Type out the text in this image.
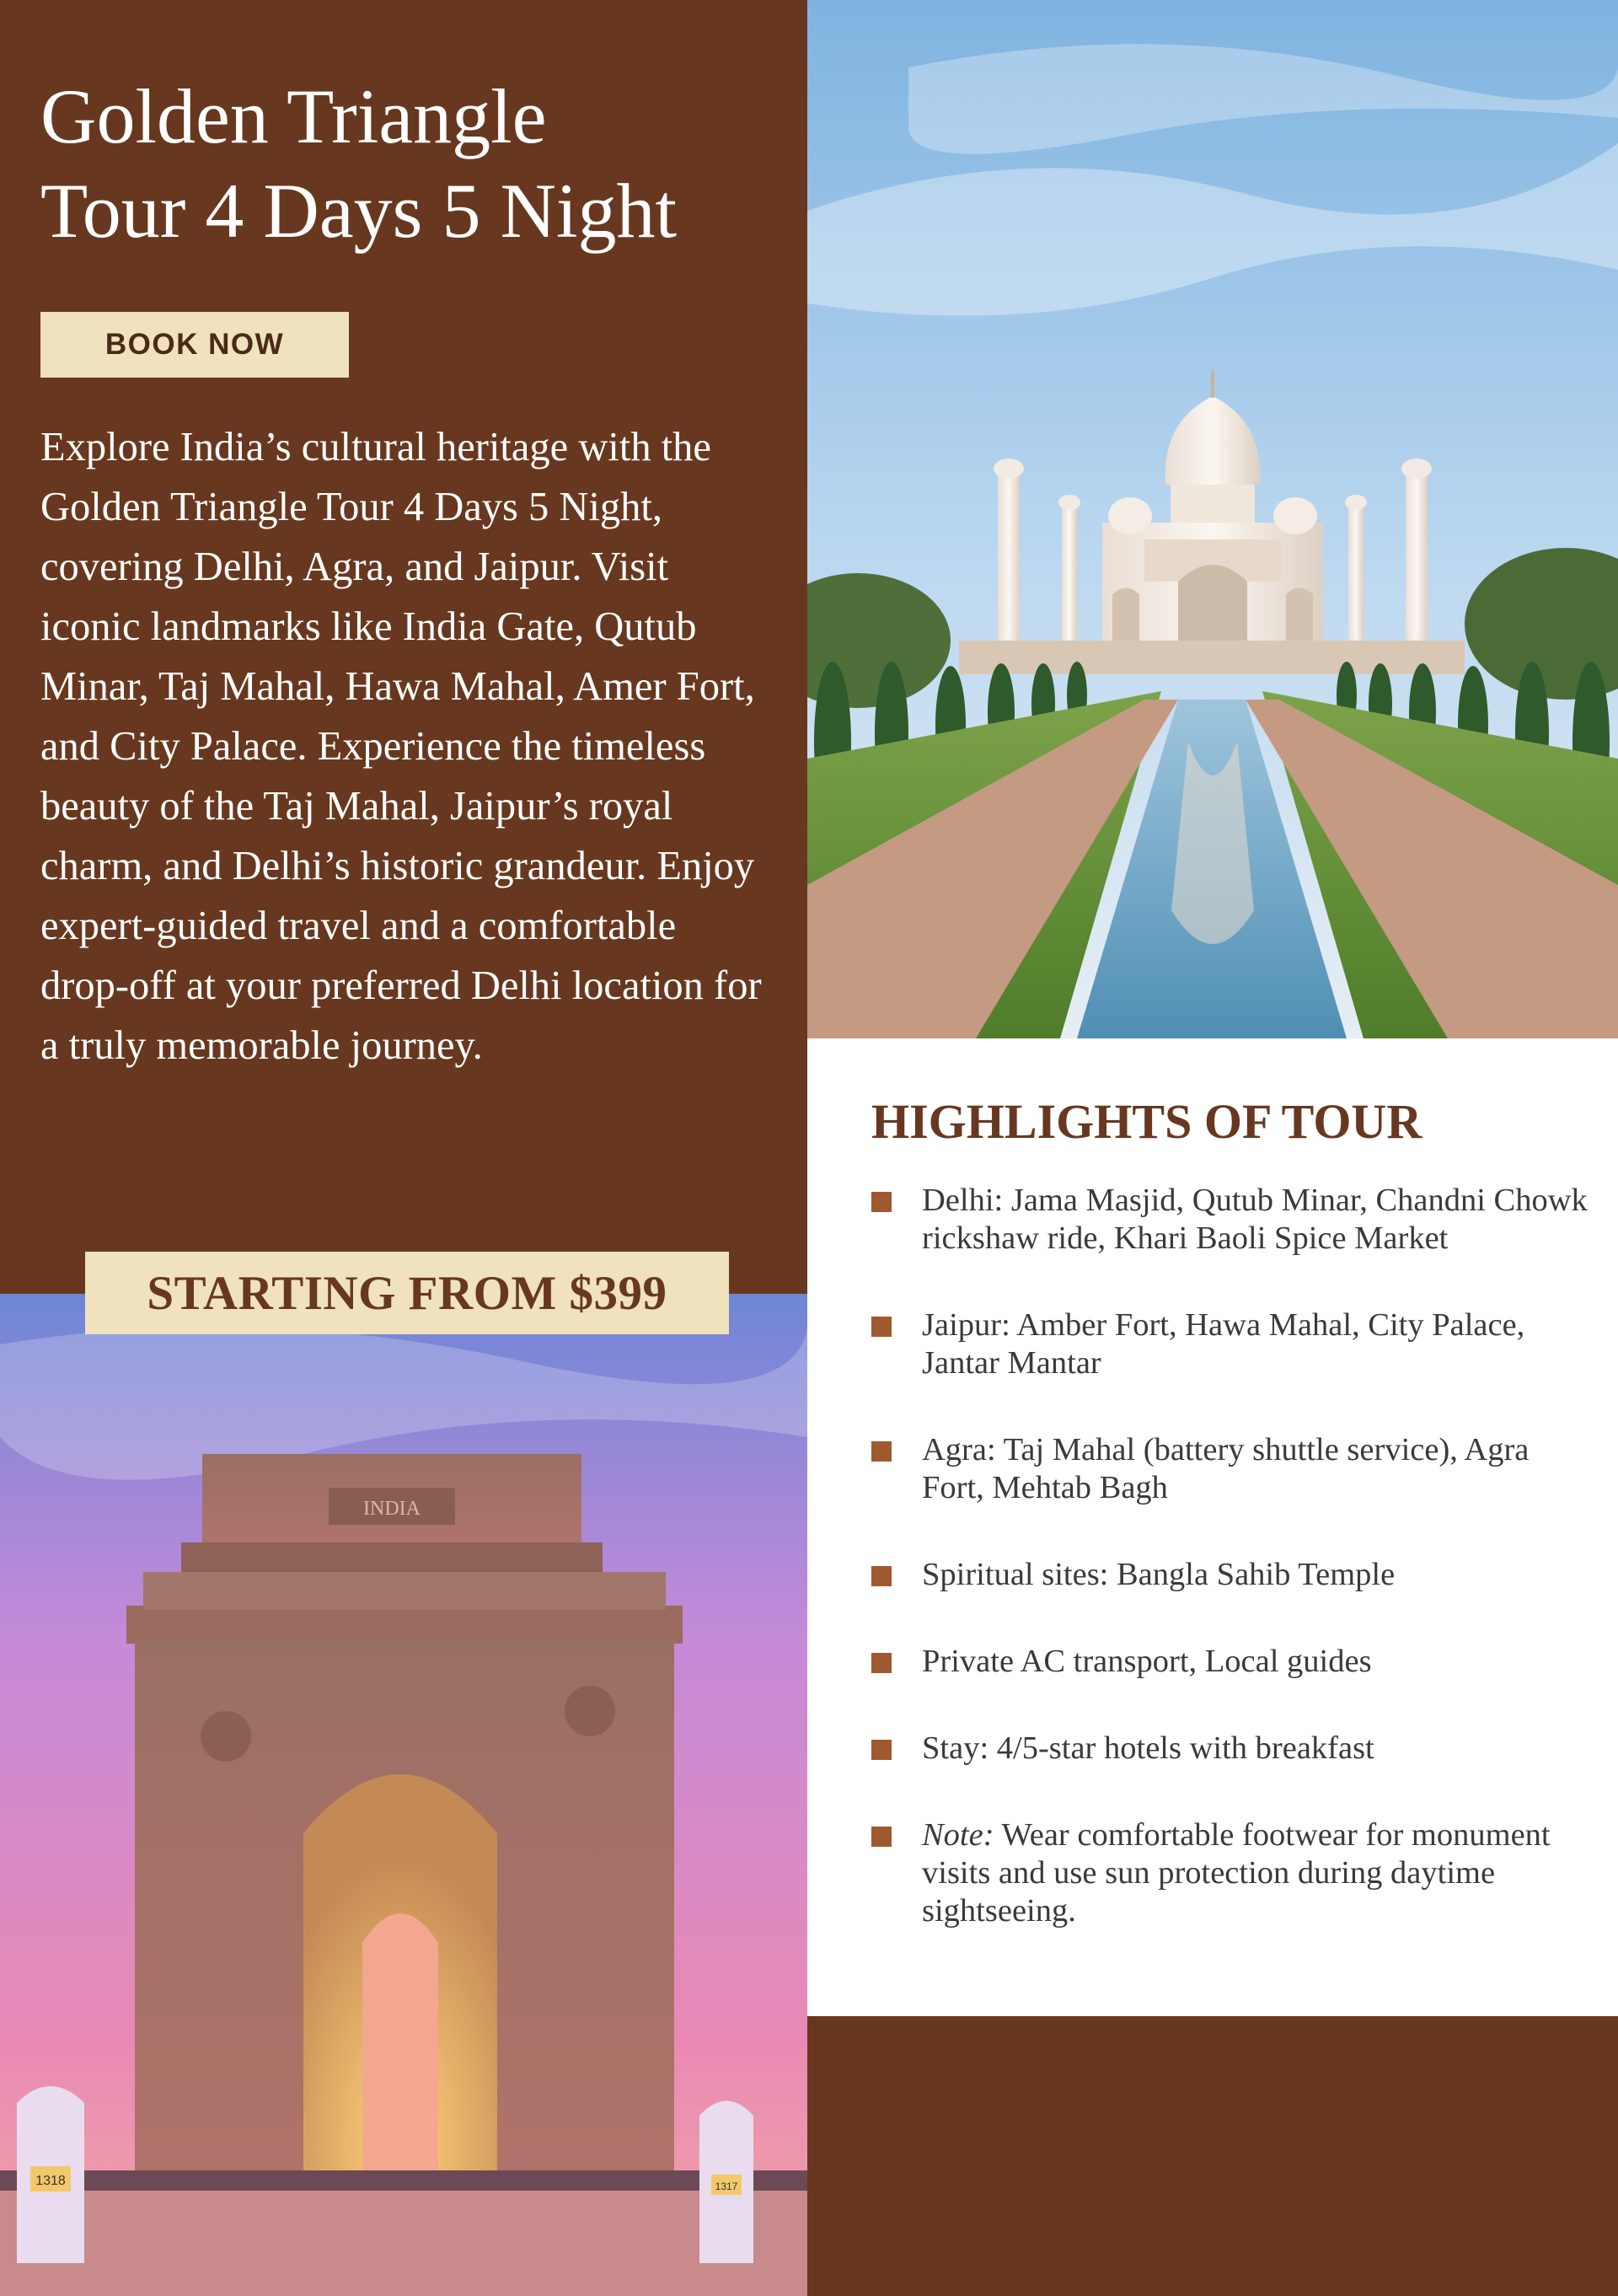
Golden Triangle
Tour 4 Days 5 Night
BOOK NOW

Explore India’s cultural heritage with the Golden Triangle Tour 4 Days 5 Night, covering Delhi, Agra, and Jaipur. Visit iconic landmarks like India Gate, Qutub Minar, Taj Mahal, Hawa Mahal, Amer Fort, and City Palace. Experience the timeless beauty of the Taj Mahal, Jaipur’s royal charm, and Delhi’s historic grandeur. Enjoy expert-guided travel and a comfortable drop-off at your preferred Delhi location for a truly memorable journey.

INDIA
1318	1317
STARTING FROM $399
HIGHLIGHTS OF TOUR
Delhi: Jama Masjid, Qutub Minar, Chandni Chowk rickshaw ride, Khari Baoli Spice Market
Jaipur: Amber Fort, Hawa Mahal, City Palace, Jantar Mantar
Agra: Taj Mahal (battery shuttle service), Agra Fort, Mehtab Bagh
Spiritual sites: Bangla Sahib Temple
Private AC transport, Local guides
Stay: 4/5-star hotels with breakfast
Note: Wear comfortable footwear for monument visits and use sun protection during daytime sightseeing.
